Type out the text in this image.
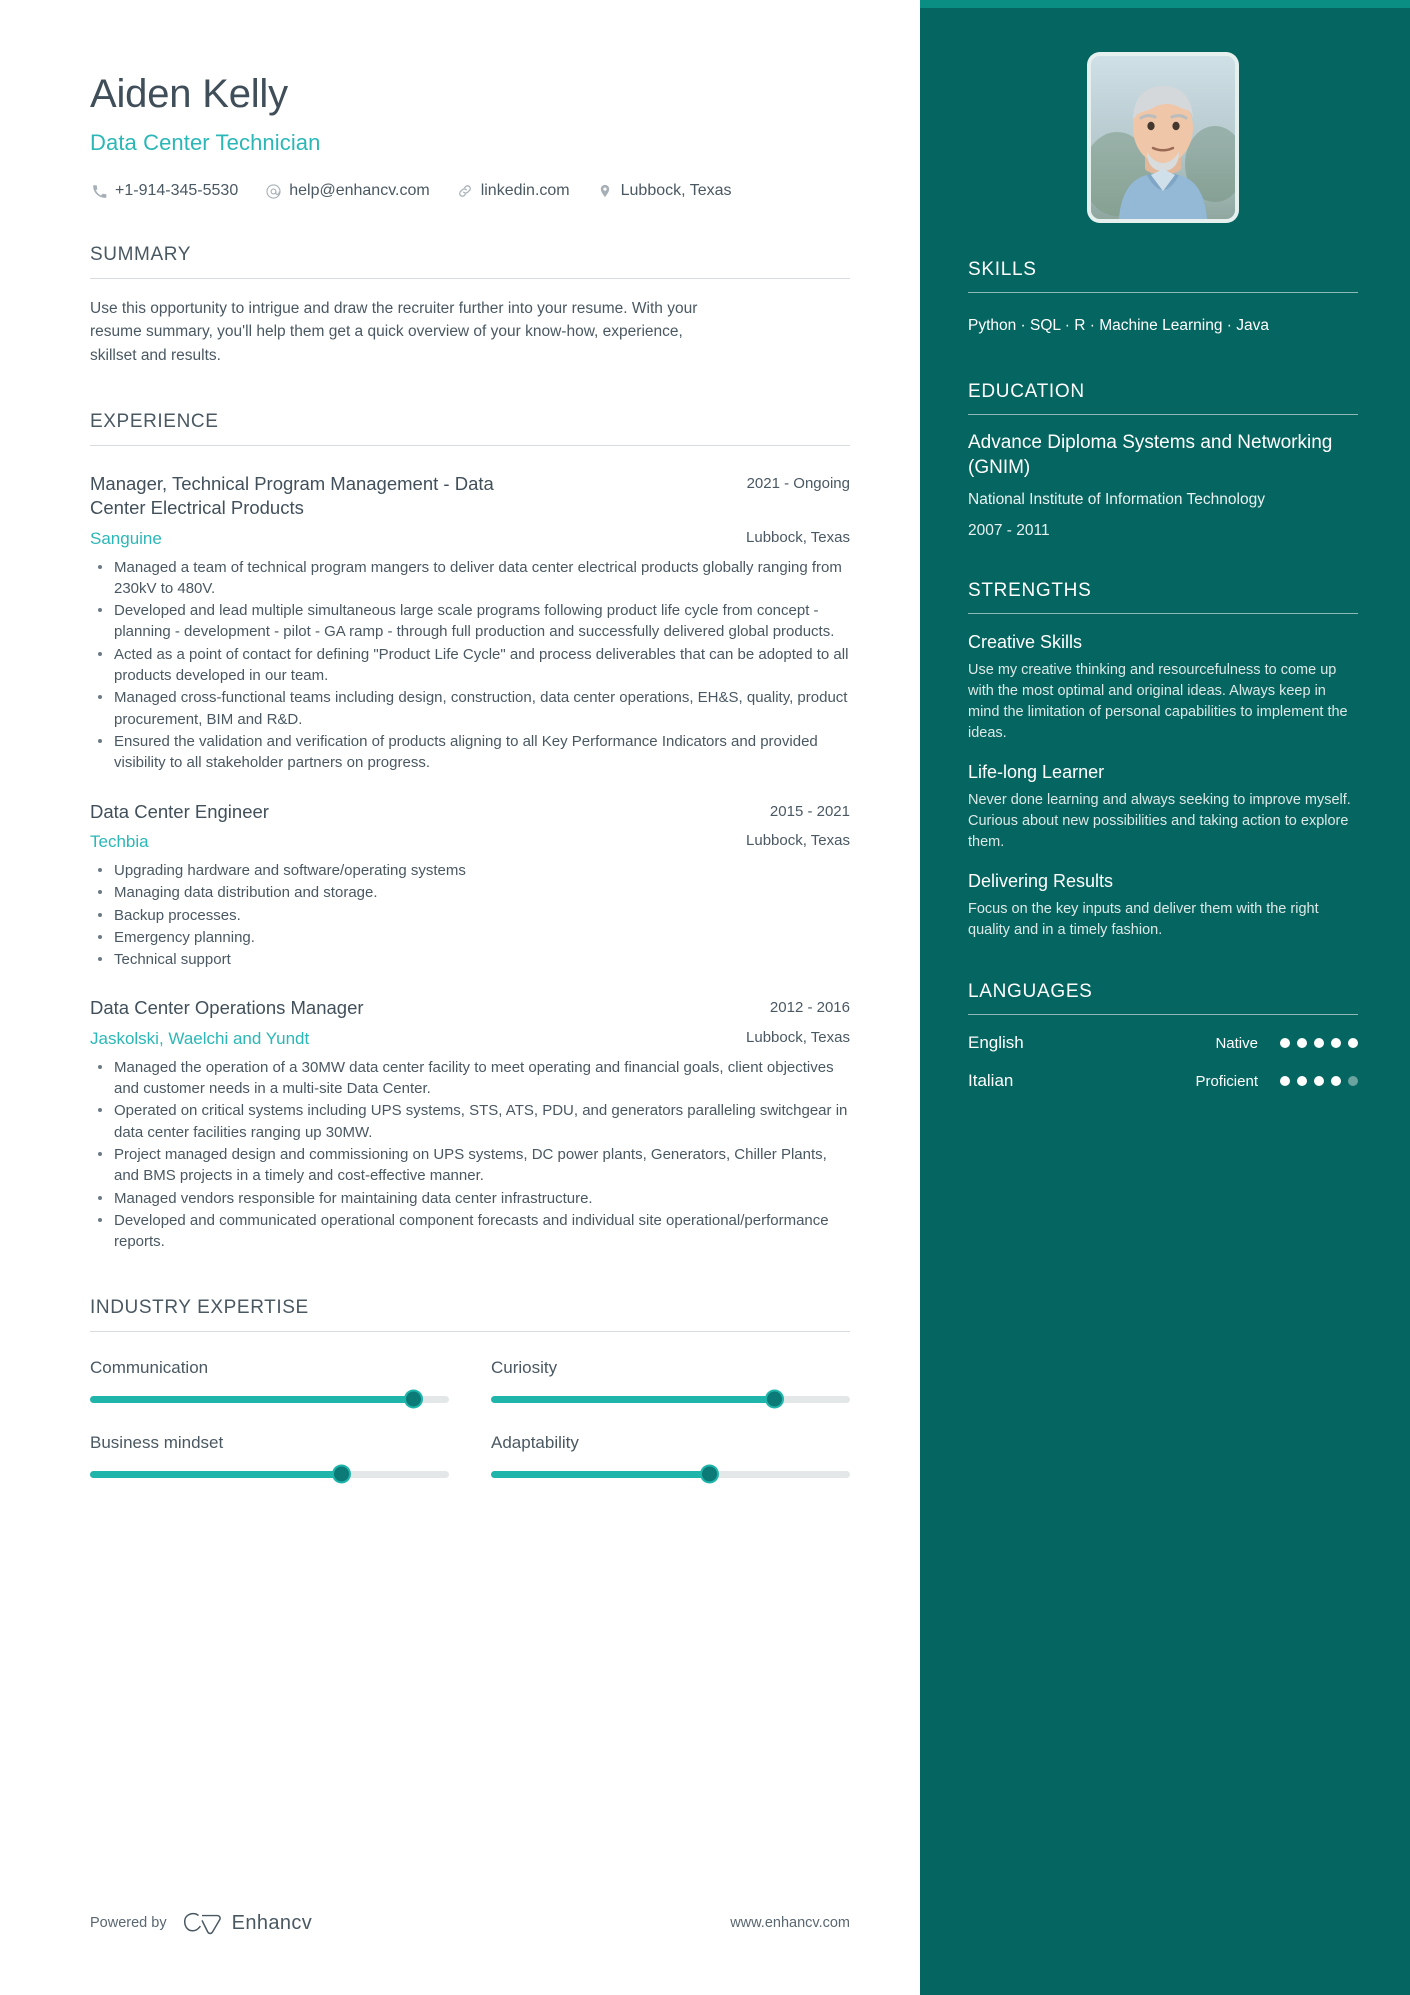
Aiden Kelly
Data Center Technician
+1-914-345-5530	help@enhancv.com	linkedin.com	Lubbock, Texas
SUMMARY

Use this opportunity to intrigue and draw the recruiter further into your resume. With your resume summary, you'll help them get a quick overview of your know-how, experience, skillset and results.

EXPERIENCE
Manager, Technical Program Management - Data Center Electrical Products
2021 - Ongoing
Sanguine	Lubbock, Texas
Managed a team of technical program mangers to deliver data center electrical products globally ranging from 230kV to 480V.
Developed and lead multiple simultaneous large scale programs following product life cycle from concept - planning - development - pilot - GA ramp - through full production and successfully delivered global products.
Acted as a point of contact for defining "Product Life Cycle" and process deliverables that can be adopted to all products developed in our team.
Managed cross-functional teams including design, construction, data center operations, EH&S, quality, product procurement, BIM and R&D.
Ensured the validation and verification of products aligning to all Key Performance Indicators and provided visibility to all stakeholder partners on progress.
Data Center Engineer	2015 - 2021
Techbia	Lubbock, Texas
Upgrading hardware and software/operating systems
Managing data distribution and storage.
Backup processes.
Emergency planning.
Technical support
Data Center Operations Manager	2012 - 2016
Jaskolski, Waelchi and Yundt	Lubbock, Texas
Managed the operation of a 30MW data center facility to meet operating and financial goals, client objectives and customer needs in a multi-site Data Center.
Operated on critical systems including UPS systems, STS, ATS, PDU, and generators paralleling switchgear in data center facilities ranging up 30MW.
Project managed design and commissioning on UPS systems, DC power plants, Generators, Chiller Plants, and BMS projects in a timely and cost-effective manner.
Managed vendors responsible for maintaining data center infrastructure.
Developed and communicated operational component forecasts and individual site operational/performance reports.
INDUSTRY EXPERTISE
Communication	Curiosity
Business mindset	Adaptability
Powered by	Enhancv	www.enhancv.com
SKILLS
Python · SQL · R · Machine Learning · Java
EDUCATION
Advance Diploma Systems and Networking (GNIM)
National Institute of Information Technology
2007 - 2011
STRENGTHS
Creative Skills
Use my creative thinking and resourcefulness to come up with the most optimal and original ideas. Always keep in mind the limitation of personal capabilities to implement the ideas.
Life-long Learner
Never done learning and always seeking to improve myself. Curious about new possibilities and taking action to explore them.
Delivering Results
Focus on the key inputs and deliver them with the right quality and in a timely fashion.
LANGUAGES
English	Native
Italian	Proficient
